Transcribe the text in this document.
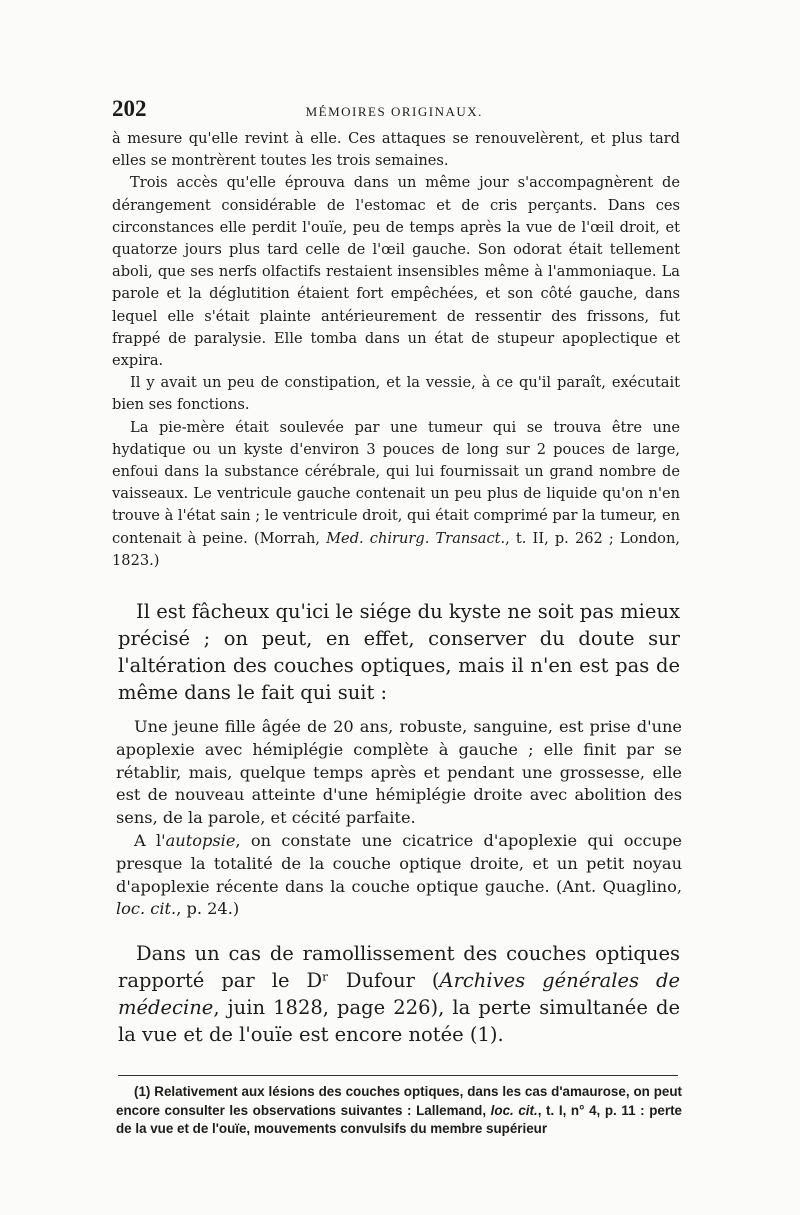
202	MÉMOIRES ORIGINAUX.

à mesure qu'elle revint à elle. Ces attaques se renouvelèrent, et plus tard elles se montrèrent toutes les trois semaines.

Trois accès qu'elle éprouva dans un même jour s'accompagnèrent de dérangement considérable de l'estomac et de cris perçants. Dans ces circonstances elle perdit l'ouïe, peu de temps après la vue de l'œil droit, et quatorze jours plus tard celle de l'œil gauche. Son odorat était tellement aboli, que ses nerfs olfactifs restaient insensibles même à l'ammoniaque. La parole et la déglutition étaient fort empêchées, et son côté gauche, dans lequel elle s'était plainte antérieurement de ressentir des frissons, fut frappé de paralysie. Elle tomba dans un état de stupeur apoplectique et expira.

Il y avait un peu de constipation, et la vessie, à ce qu'il paraît, exécutait bien ses fonctions.

La pie-mère était soulevée par une tumeur qui se trouva être une hydatique ou un kyste d'environ 3 pouces de long sur 2 pouces de large, enfoui dans la substance cérébrale, qui lui fournissait un grand nombre de vaisseaux. Le ventricule gauche contenait un peu plus de liquide qu'on n'en trouve à l'état sain ; le ventricule droit, qui était comprimé par la tumeur, en contenait à peine. (Morrah, Med. chirurg. Transact., t. II, p. 262 ; London, 1823.)

Il est fâcheux qu'ici le siége du kyste ne soit pas mieux précisé ; on peut, en effet, conserver du doute sur l'altération des couches optiques, mais il n'en est pas de même dans le fait qui suit :

Une jeune fille âgée de 20 ans, robuste, sanguine, est prise d'une apoplexie avec hémiplégie complète à gauche ; elle finit par se rétablir, mais, quelque temps après et pendant une grossesse, elle est de nouveau atteinte d'une hémiplégie droite avec abolition des sens, de la parole, et cécité parfaite.

A l'autopsie, on constate une cicatrice d'apoplexie qui occupe presque la totalité de la couche optique droite, et un petit noyau d'apoplexie récente dans la couche optique gauche. (Ant. Quaglino, loc. cit., p. 24.)

Dans un cas de ramollissement des couches optiques rapporté par le Dʳ Dufour (Archives générales de médecine, juin 1828, page 226), la perte simultanée de la vue et de l'ouïe est encore notée (1).

(1) Relativement aux lésions des couches optiques, dans les cas d'amaurose, on peut encore consulter les observations suivantes : Lallemand, loc. cit., t. I, n° 4, p. 11 : perte de la vue et de l'ouïe, mouvements convulsifs du membre supérieur
